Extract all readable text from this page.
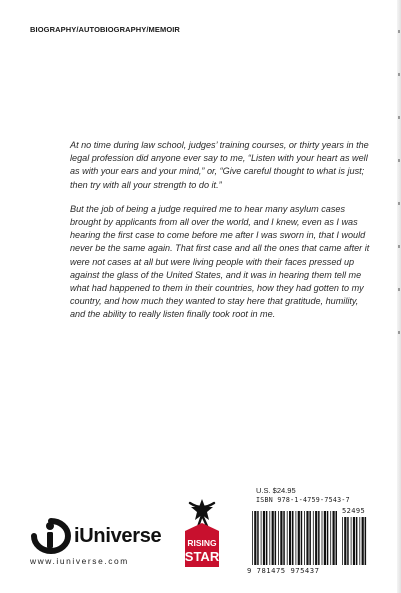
BIOGRAPHY/AUTOBIOGRAPHY/MEMOIR

At no time during law school, judges’ training courses, or thirty years in the legal profession did anyone ever say to me, “Listen with your heart as well as with your ears and your mind,” or, “Give careful thought to what is just; then try with all your strength to do it.”

But the job of being a judge required me to hear many asylum cases brought by applicants from all over the world, and I knew, even as I was hearing the first case to come before me after I was sworn in, that I would never be the same again. That first case and all the ones that came after it were not cases at all but were living people with their faces pressed up against the glass of the United States, and it was in hearing them tell me what had happened to them in their countries, how they had gotten to my country, and how much they wanted to stay here that gratitude, humility, and the ability to really listen finally took root in me.

iUniverse
www.iuniverse.com
RISING
STAR
U.S. $24.95
ISBN 978-1-4759-7543-7
52495
9 781475 975437
